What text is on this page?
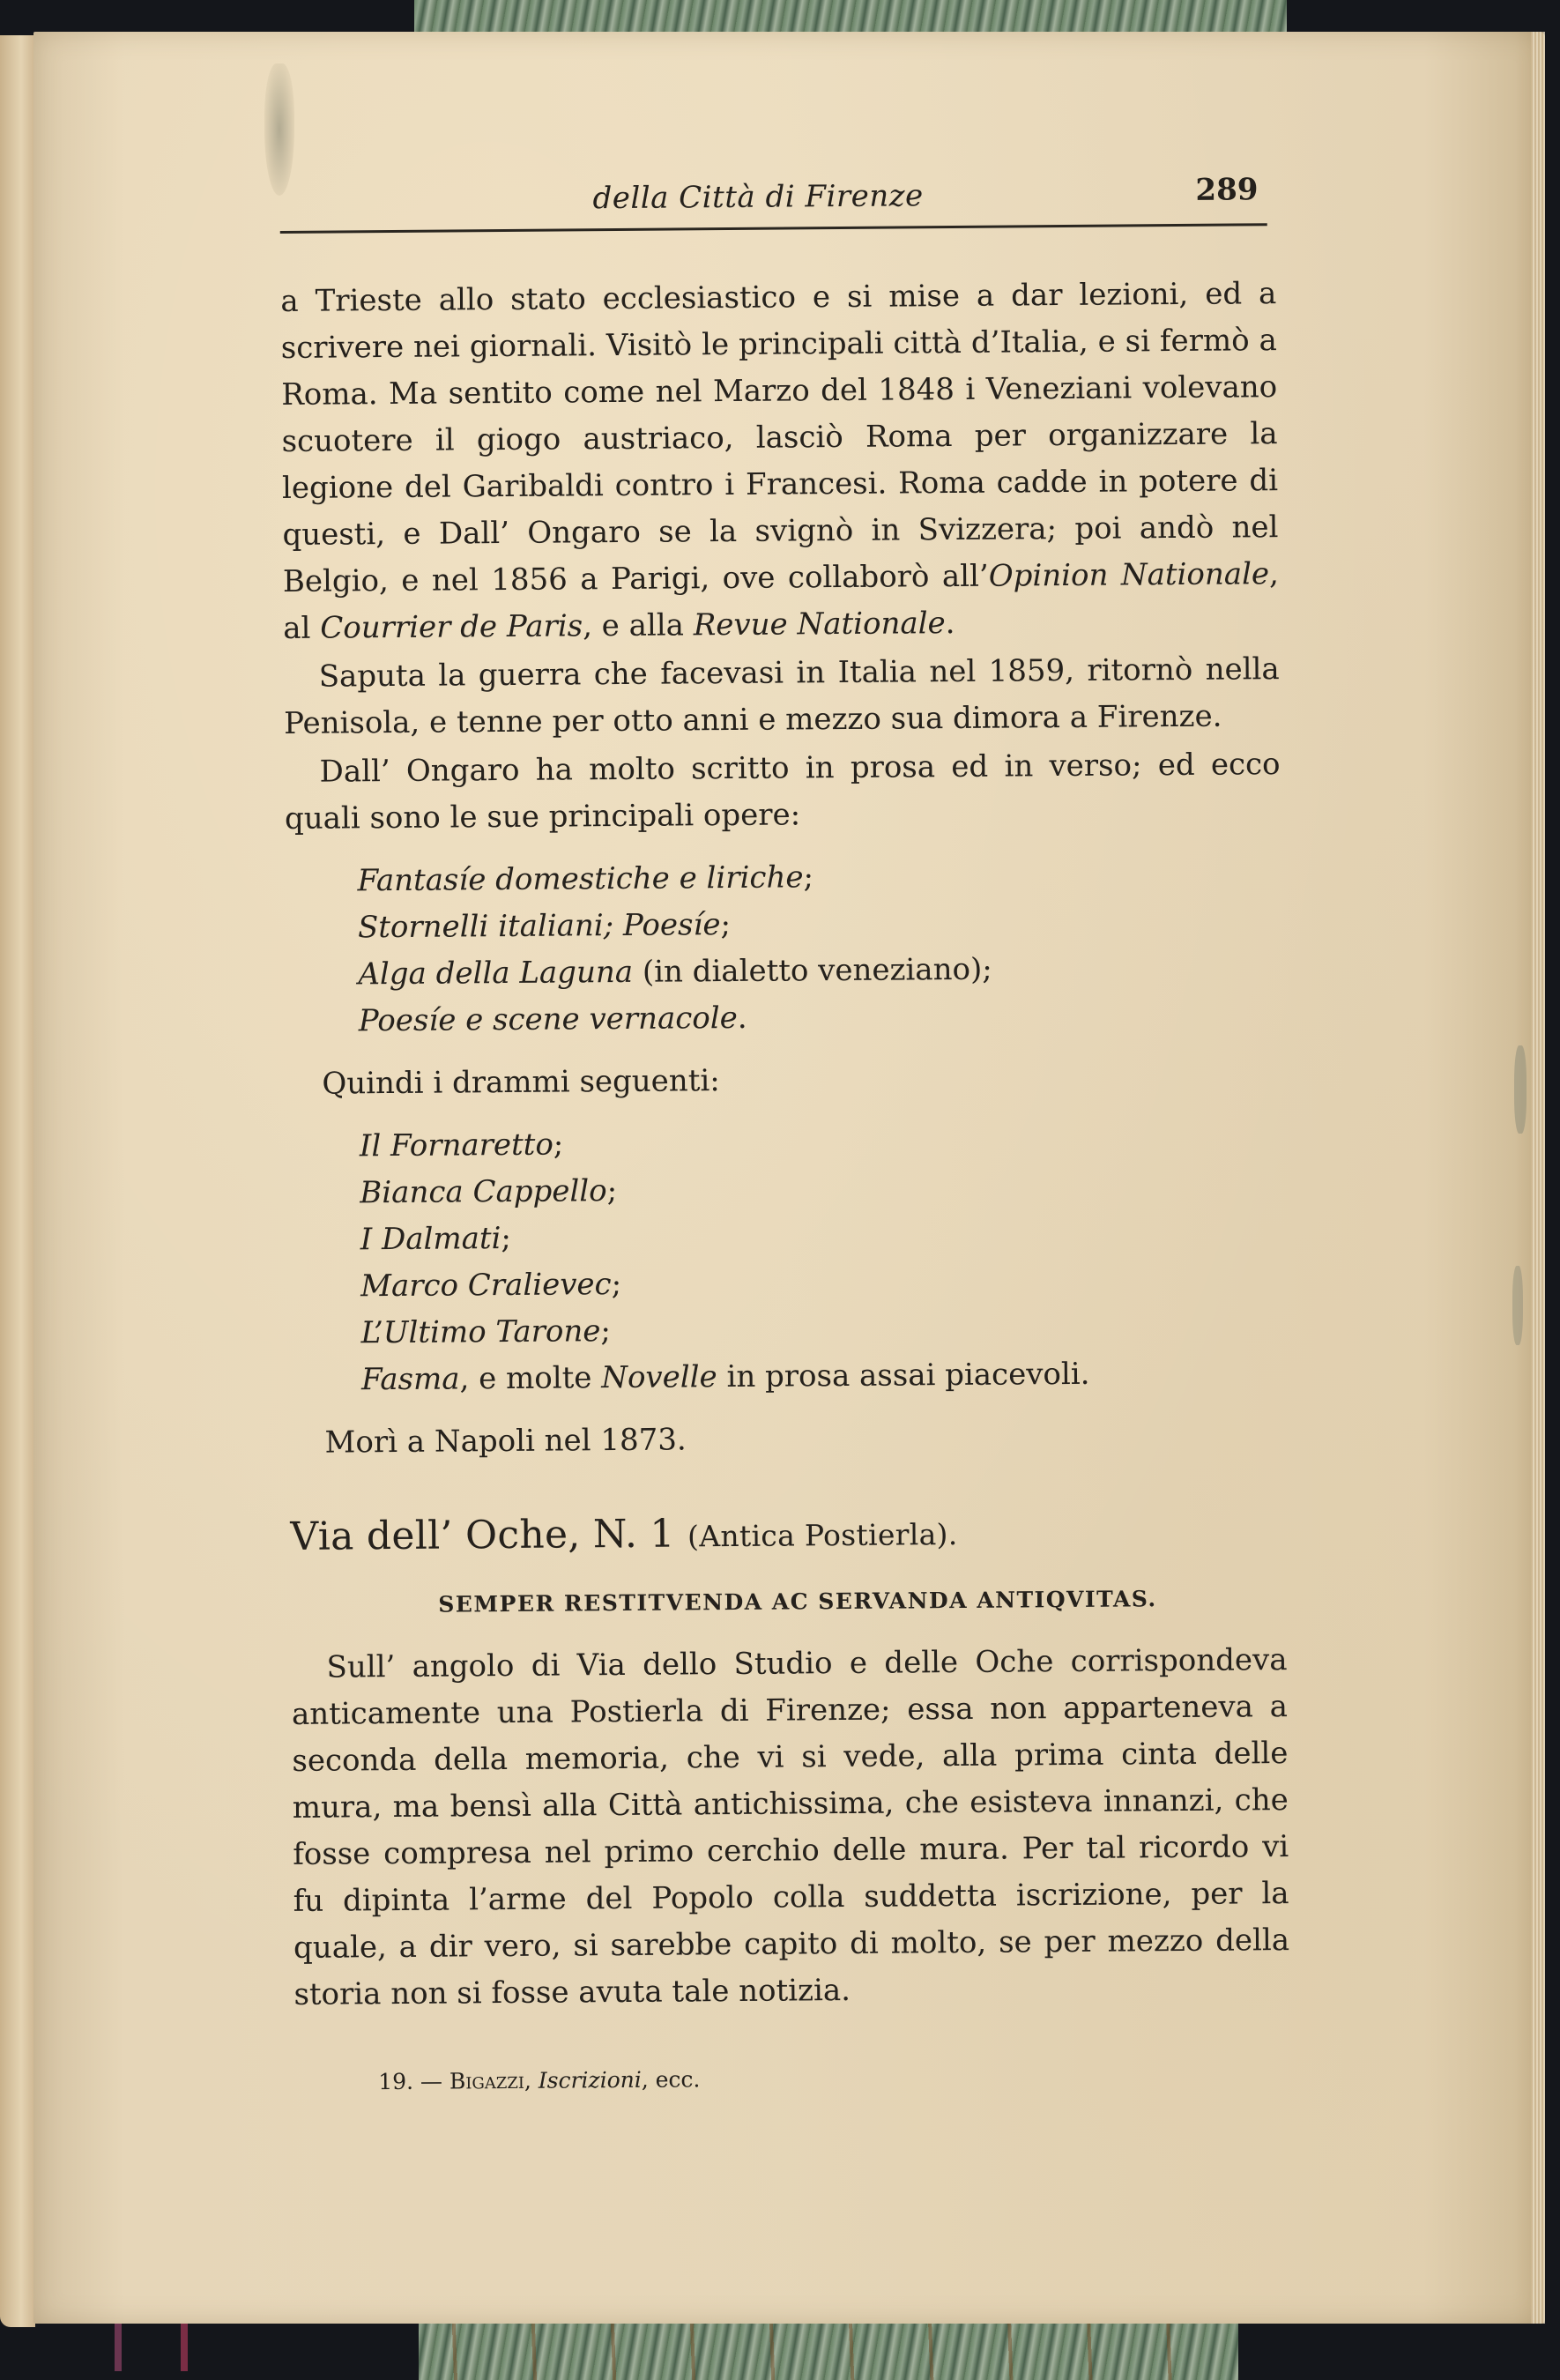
della Città di Firenze	289

a Trieste allo stato ecclesiastico e si mise a dar lezioni, ed a scrivere nei giornali. Visitò le principali città d’Italia, e si fermò a Roma. Ma sentito come nel Marzo del 1848 i Veneziani volevano scuotere il giogo austriaco, lasciò Roma per organizzare la legione del Garibaldi contro i Francesi. Roma cadde in potere di questi, e Dall’ Ongaro se la svignò in Svizzera; poi andò nel Belgio, e nel 1856 a Parigi, ove collaborò all’Opinion Nationale, al Courrier de Paris, e alla Revue Nationale.

Saputa la guerra che facevasi in Italia nel 1859, ritornò nella Penisola, e tenne per otto anni e mezzo sua dimora a Firenze.

Dall’ Ongaro ha molto scritto in prosa ed in verso; ed ecco quali sono le sue principali opere:

Fantasíe domestiche e liriche;
Stornelli italiani; Poesíe;
Alga della Laguna (in dialetto veneziano);
Poesíe e scene vernacole.

Quindi i drammi seguenti:

Il Fornaretto;
Bianca Cappello;
I Dalmati;
Marco Cralievec;
L’Ultimo Tarone;
Fasma, e molte Novelle in prosa assai piacevoli.

Morì a Napoli nel 1873.

Via dell’ Oche, N. 1 (Antica Postierla).

SEMPER RESTITVENDA AC SERVANDA ANTIQVITAS.

Sull’ angolo di Via dello Studio e delle Oche corrispondeva anticamente una Postierla di Firenze; essa non apparteneva a seconda della memoria, che vi si vede, alla prima cinta delle mura, ma bensì alla Città antichissima, che esisteva innanzi, che fosse compresa nel primo cerchio delle mura. Per tal ricordo vi fu dipinta l’arme del Popolo colla suddetta iscrizione, per la quale, a dir vero, si sarebbe capito di molto, se per mezzo della storia non si fosse avuta tale notizia.

19. — Bigazzi, Iscrizioni, ecc.
